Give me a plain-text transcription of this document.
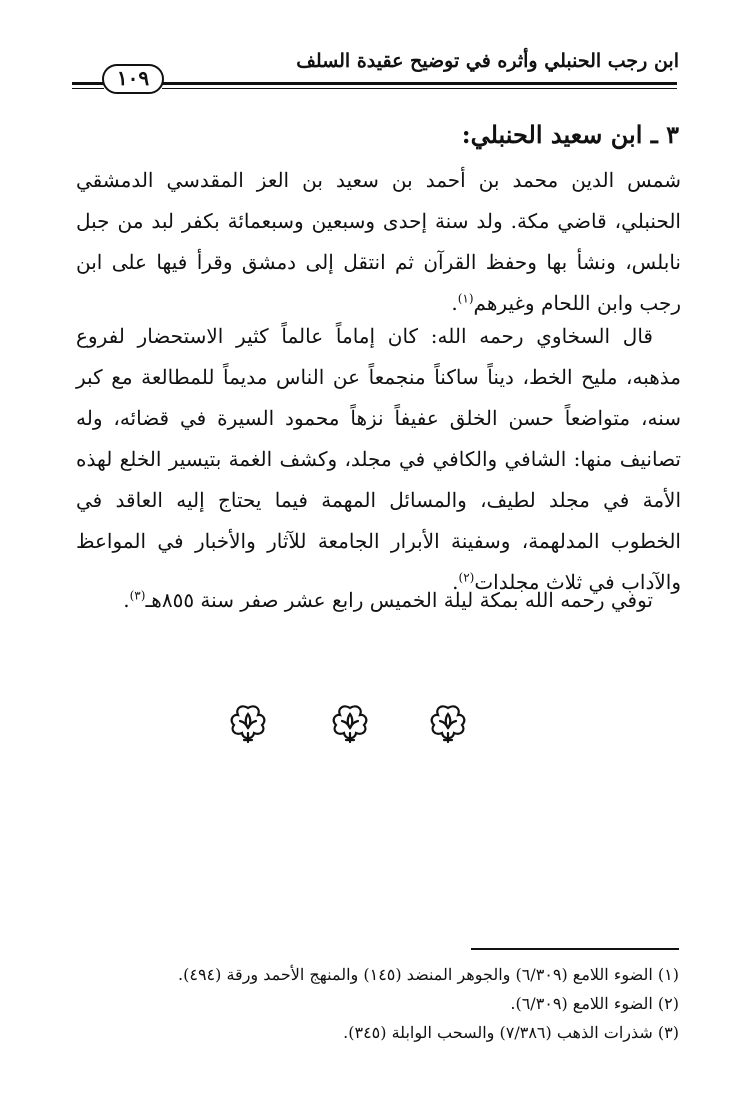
ابن رجب الحنبلي وأثره في توضيح عقيدة السلف
١٠٩
٣ ـ ابن سعيد الحنبلي:
شمس الدين محمد بن أحمد بن سعيد بن العز المقدسي الدمشقي الحنبلي، قاضي مكة. ولد سنة إحدى وسبعين وسبعمائة بكفر لبد من جبل نابلس، ونشأ بها وحفظ القرآن ثم انتقل إلى دمشق وقرأ فيها على ابن رجب وابن اللحام وغيرهم$^{(١)}$.
قال السخاوي رحمه الله: كان إماماً عالماً كثير الاستحضار لفروع مذهبه، مليح الخط، ديناً ساكناً منجمعاً عن الناس مديماً للمطالعة مع كبر سنه، متواضعاً حسن الخلق عفيفاً نزهاً محمود السيرة في قضائه، وله تصانيف منها: الشافي والكافي في مجلد، وكشف الغمة بتيسير الخلع لهذه الأمة في مجلد لطيف، والمسائل المهمة فيما يحتاج إليه العاقد في الخطوب المدلهمة، وسفينة الأبرار الجامعة للآثار والأخبار في المواعظ والآداب في ثلاث مجلدات$^{(٢)}$.
توفي رحمه الله بمكة ليلة الخميس رابع عشر صفر سنة ٨٥٥هـ$^{(٣)}$.
(١) الضوء اللامع (٦/٣٠٩) والجوهر المنضد (١٤٥) والمنهج الأحمد ورقة (٤٩٤).
(٢) الضوء اللامع (٦/٣٠٩).
(٣) شذرات الذهب (٧/٣٨٦) والسحب الوابلة (٣٤٥).
